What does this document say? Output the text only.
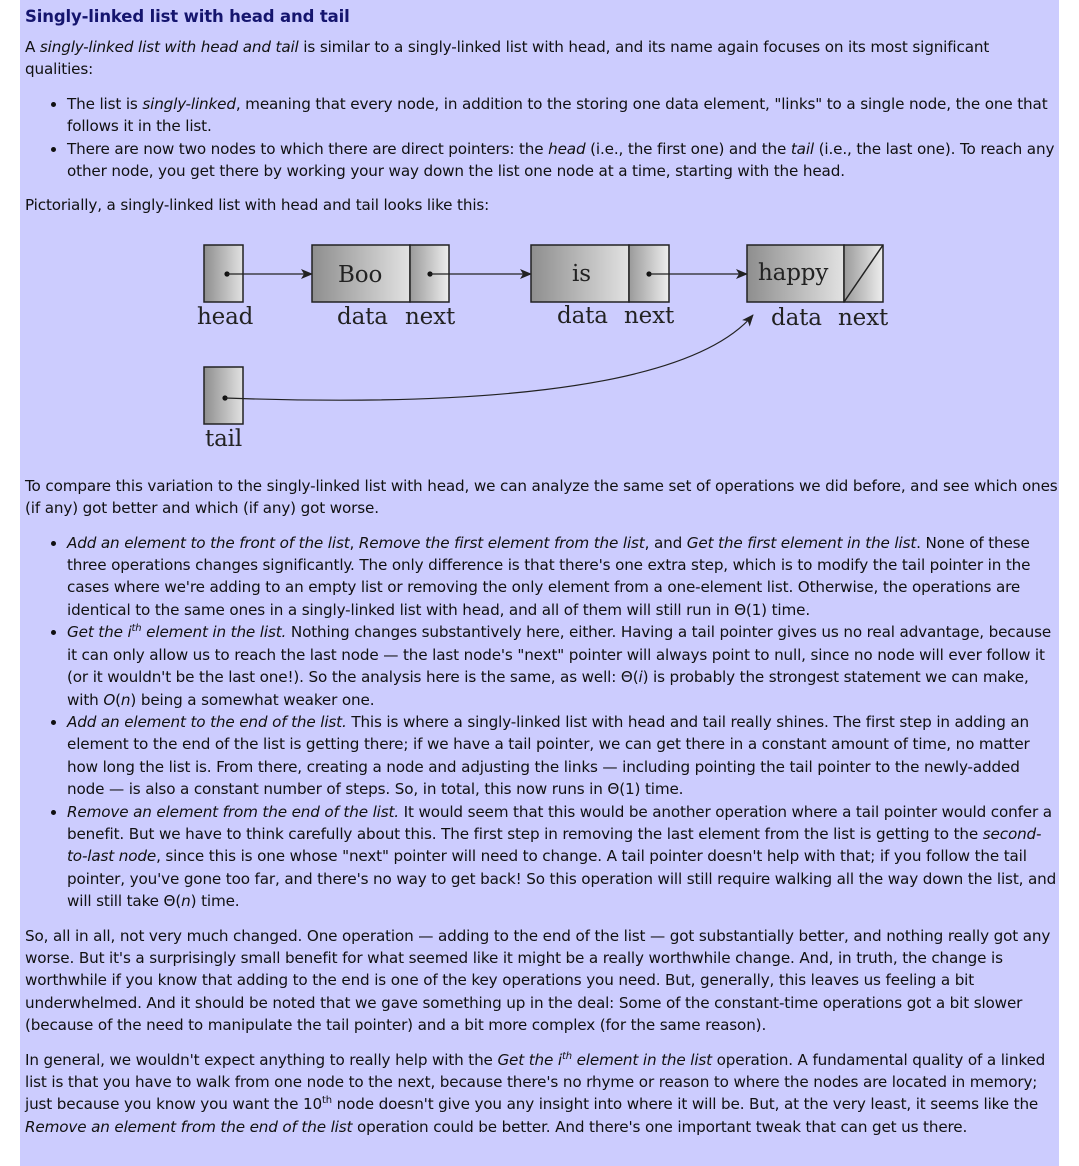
Singly-linked list with head and tail

A singly-linked list with head and tail is similar to a singly-linked list with head, and its name again focuses on its most significant qualities:

• The list is singly-linked, meaning that every node, in addition to the storing one data element, "links" to a single node, the one that follows it in the list.
• There are now two nodes to which there are direct pointers: the head (i.e., the first one) and the tail (i.e., the last one). To reach any other node, you get there by working your way down the list one node at a time, starting with the head.

Pictorially, a singly-linked list with head and tail looks like this:

head
Boo
data next
is
data next
happy
data next
tail

To compare this variation to the singly-linked list with head, we can analyze the same set of operations we did before, and see which ones (if any) got better and which (if any) got worse.

• Add an element to the front of the list, Remove the first element from the list, and Get the first element in the list. None of these three operations changes significantly. The only difference is that there's one extra step, which is to modify the tail pointer in the cases where we're adding to an empty list or removing the only element from a one-element list. Otherwise, the operations are identical to the same ones in a singly-linked list with head, and all of them will still run in Θ(1) time.
• Get the $i^{th}$ element in the list. Nothing changes substantively here, either. Having a tail pointer gives us no real advantage, because it can only allow us to reach the last node — the last node's "next" pointer will always point to null, since no node will ever follow it (or it wouldn't be the last one!). So the analysis here is the same, as well: Θ(i) is probably the strongest statement we can make, with O(n) being a somewhat weaker one.
• Add an element to the end of the list. This is where a singly-linked list with head and tail really shines. The first step in adding an element to the end of the list is getting there; if we have a tail pointer, we can get there in a constant amount of time, no matter how long the list is. From there, creating a node and adjusting the links — including pointing the tail pointer to the newly-added node — is also a constant number of steps. So, in total, this now runs in Θ(1) time.
• Remove an element from the end of the list. It would seem that this would be another operation where a tail pointer would confer a benefit. But we have to think carefully about this. The first step in removing the last element from the list is getting to the second-to-last node, since this is one whose "next" pointer will need to change. A tail pointer doesn't help with that; if you follow the tail pointer, you've gone too far, and there's no way to get back! So this operation will still require walking all the way down the list, and will still take Θ(n) time.

So, all in all, not very much changed. One operation — adding to the end of the list — got substantially better, and nothing really got any worse. But it's a surprisingly small benefit for what seemed like it might be a really worthwhile change. And, in truth, the change is worthwhile if you know that adding to the end is one of the key operations you need. But, generally, this leaves us feeling a bit underwhelmed. And it should be noted that we gave something up in the deal: Some of the constant-time operations got a bit slower (because of the need to manipulate the tail pointer) and a bit more complex (for the same reason).

In general, we wouldn't expect anything to really help with the Get the $i^{th}$ element in the list operation. A fundamental quality of a linked list is that you have to walk from one node to the next, because there's no rhyme or reason to where the nodes are located in memory; just because you know you want the 10th node doesn't give you any insight into where it will be. But, at the very least, it seems like the Remove an element from the end of the list operation could be better. And there's one important tweak that can get us there.
